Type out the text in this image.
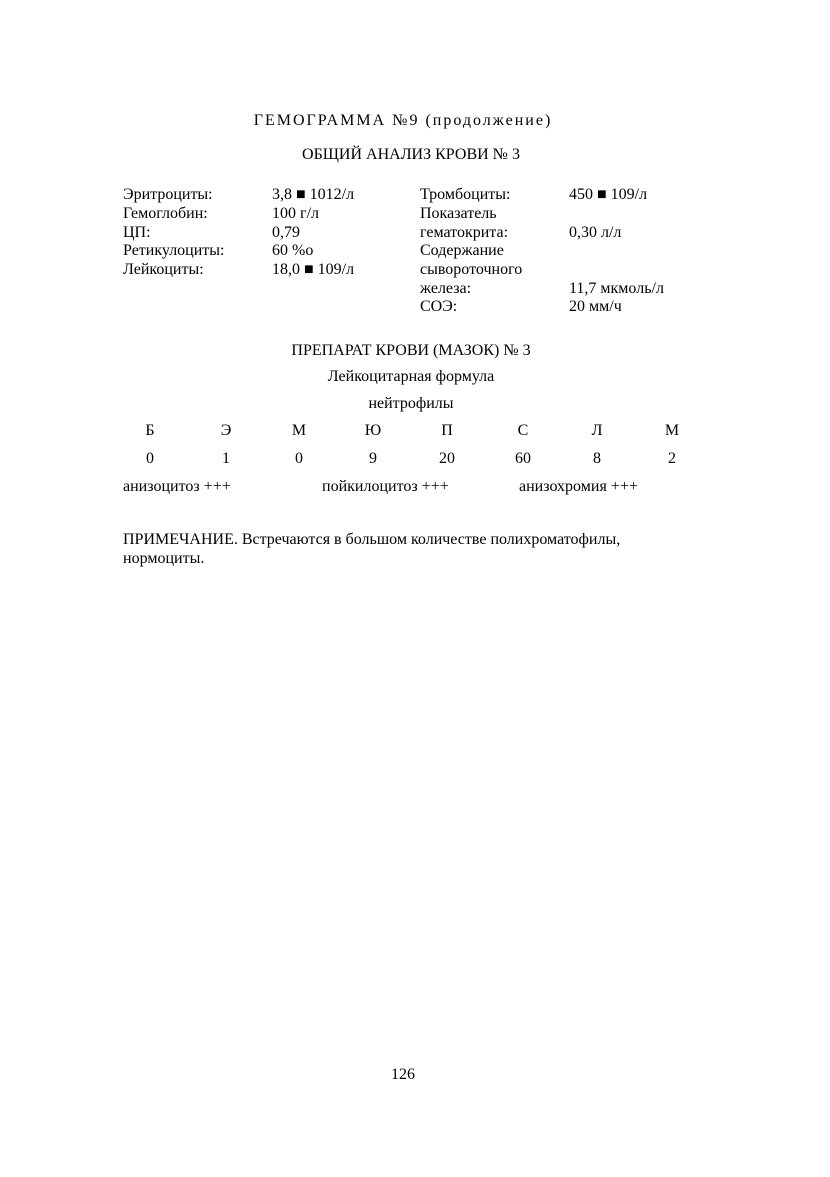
ГЕМОГРАММА №9 (продолжение)
ОБЩИЙ АНАЛИЗ КРОВИ № 3
Эритроциты:	3,8 ■ 1012/л
Гемоглобин:	100 г/л
ЦП:	0,79
Ретикулоциты:	60 %о
Лейкоциты:	18,0 ■ 109/л
Тромбоциты:	450 ■ 109/л
Показатель
гематокрита:	0,30 л/л
Содержание
сывороточного
железа:	11,7 мкмоль/л
СОЭ:	20 мм/ч
ПРЕПАРАТ КРОВИ (МАЗОК) № 3
Лейкоцитарная формула
нейтрофилы
Б	Э	М	Ю	П	С	Л	М
0	1	0	9	20	60	8	2
анизоцитоз +++	пойкилоцитоз +++	анизохромия +++
ПРИМЕЧАНИЕ. Встречаются в большом количестве полихроматофилы,
нормоциты.
126
